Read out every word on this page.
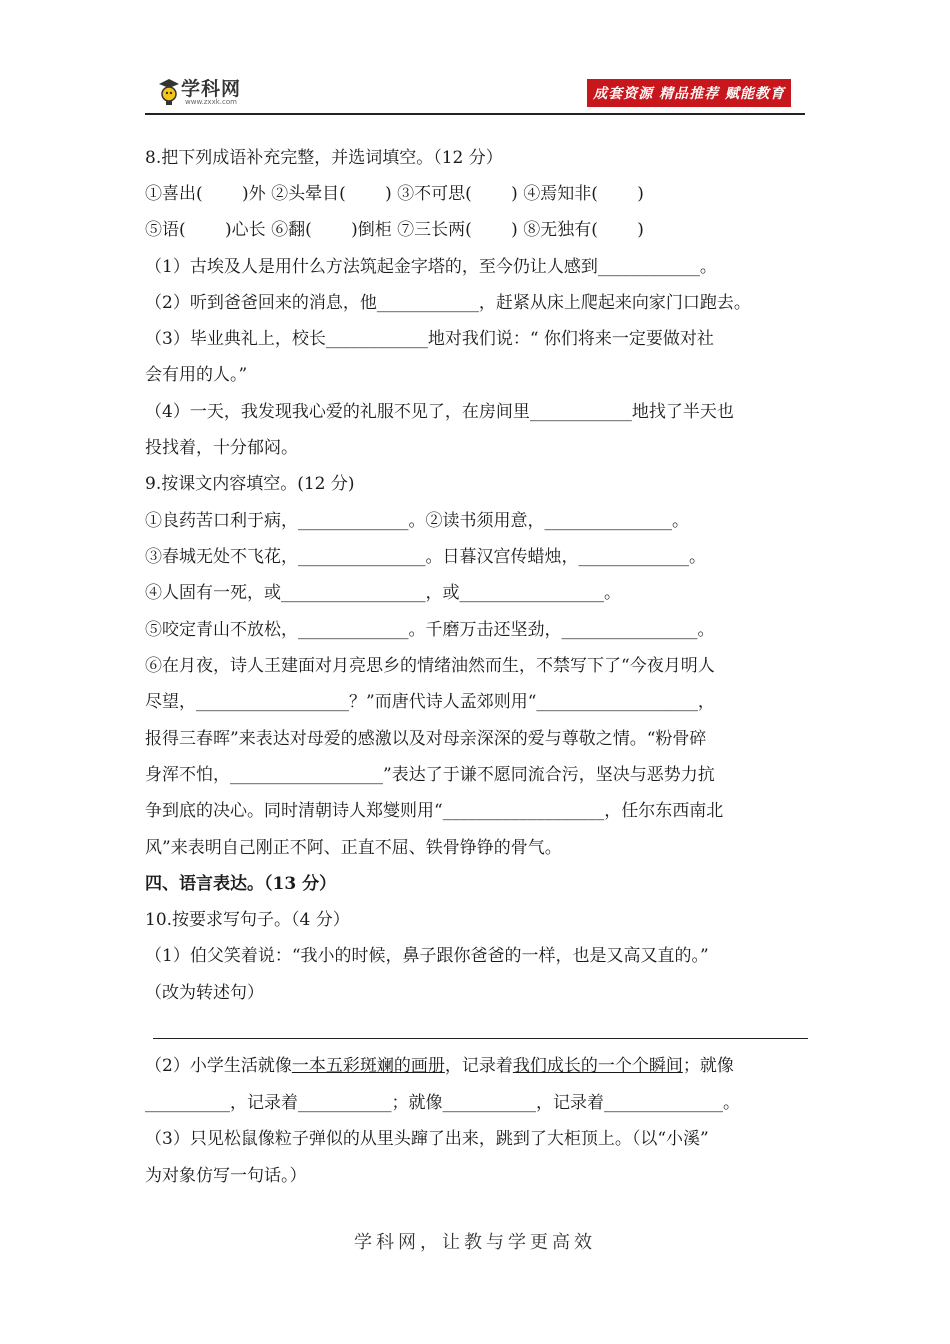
学科网
www.zxxk.com	成套资源 精品推荐 赋能教育
8.把下列成语补充完整，并选词填空。（12 分）
①喜出(　　 )外 ②头晕目(　　 ) ③不可思(　　 ) ④焉知非(　　 )
⑤语(　　 )心长 ⑥翻(　　 )倒柜 ⑦三长两(　　 ) ⑧无独有(　　 )
（1）古埃及人是用什么方法筑起金字塔的，至今仍让人感到____________。
（2）听到爸爸回来的消息，他____________，赶紧从床上爬起来向家门口跑去。
（3）毕业典礼上，校长____________地对我们说：“ 你们将来一定要做对社
会有用的人。”
（4）一天，我发现我心爱的礼服不见了，在房间里____________地找了半天也
投找着，十分郁闷。
9.按课文内容填空。(12 分)
①良药苦口利于病，_____________。②读书须用意，_______________。
③春城无处不飞花，_______________。日暮汉宫传蜡烛，_____________。
④人固有一死，或_________________，或_________________。
⑤咬定青山不放松，_____________。千磨万击还坚劲，________________。
⑥在月夜，诗人王建面对月亮思乡的情绪油然而生，不禁写下了“今夜月明人
尽望，__________________？”而唐代诗人孟郊则用“___________________，
报得三春晖”来表达对母爱的感激以及对母亲深深的爱与尊敬之情。“粉骨碎
身浑不怕，__________________”表达了于谦不愿同流合污，坚决与恶势力抗
争到底的决心。同时清朝诗人郑燮则用“___________________，任尔东西南北
风”来表明自己刚正不阿、正直不屈、铁骨铮铮的骨气。
四、语言表达。（13 分）
10.按要求写句子。（4 分）
（1）伯父笑着说：“我小的时候，鼻子跟你爸爸的一样，也是又高又直的。”
（改为转述句）
（2）小学生活就像一本五彩斑斓的画册，记录着我们成长的一个个瞬间；就像
__________，记录着___________；就像___________，记录着______________。
（3）只见松鼠像粒子弹似的从里头蹿了出来，跳到了大柜顶上。（以“小溪”
为对象仿写一句话。）
学科网，让教与学更高效
